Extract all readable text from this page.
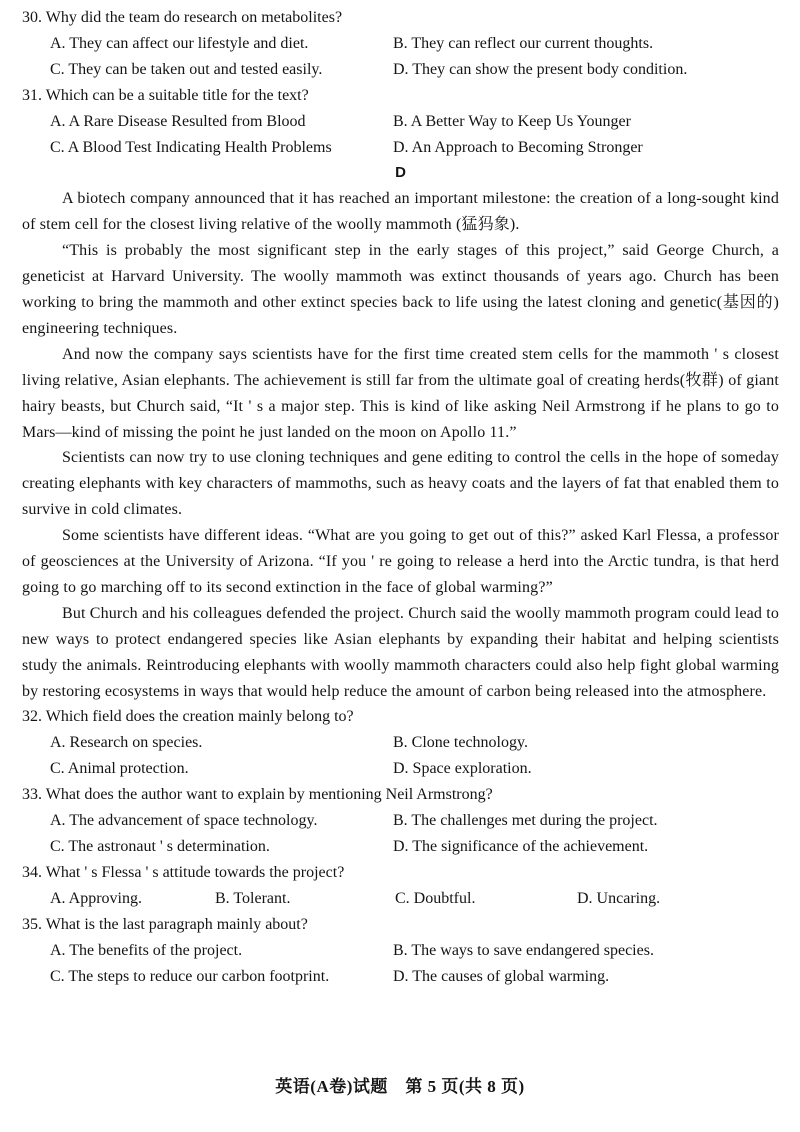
30. Why did the team do research on metabolites?
A. They can affect our lifestyle and diet.	B. They can reflect our current thoughts.
C. They can be taken out and tested easily.	D. They can show the present body condition.
31. Which can be a suitable title for the text?
A. A Rare Disease Resulted from Blood	B. A Better Way to Keep Us Younger
C. A Blood Test Indicating Health Problems	D. An Approach to Becoming Stronger
D

A biotech company announced that it has reached an important milestone: the creation of a long-sought kind of stem cell for the closest living relative of the woolly mammoth (猛犸象).

“This is probably the most significant step in the early stages of this project,” said George Church, a geneticist at Harvard University. The woolly mammoth was extinct thousands of years ago. Church has been working to bring the mammoth and other extinct species back to life using the latest cloning and genetic(基因的) engineering techniques.

And now the company says scientists have for the first time created stem cells for the mammoth ' s closest living relative, Asian elephants. The achievement is still far from the ultimate goal of creating herds(牧群) of giant hairy beasts, but Church said, “It ' s a major step. This is kind of like asking Neil Armstrong if he plans to go to Mars—kind of missing the point he just landed on the moon on Apollo 11.”

Scientists can now try to use cloning techniques and gene editing to control the cells in the hope of someday creating elephants with key characters of mammoths, such as heavy coats and the layers of fat that enabled them to survive in cold climates.

Some scientists have different ideas. “What are you going to get out of this?” asked Karl Flessa, a professor of geosciences at the University of Arizona. “If you ' re going to release a herd into the Arctic tundra, is that herd going to go marching off to its second extinction in the face of global warming?”

But Church and his colleagues defended the project. Church said the woolly mammoth program could lead to new ways to protect endangered species like Asian elephants by expanding their habitat and helping scientists study the animals. Reintroducing elephants with woolly mammoth characters could also help fight global warming by restoring ecosystems in ways that would help reduce the amount of carbon being released into the atmosphere.

32. Which field does the creation mainly belong to?
A. Research on species.	B. Clone technology.
C. Animal protection.	D. Space exploration.
33. What does the author want to explain by mentioning Neil Armstrong?
A. The advancement of space technology.	B. The challenges met during the project.
C. The astronaut ' s determination.	D. The significance of the achievement.
34. What ' s Flessa ' s attitude towards the project?
A. Approving.	B. Tolerant.	C. Doubtful.	D. Uncaring.
35. What is the last paragraph mainly about?
A. The benefits of the project.	B. The ways to save endangered species.
C. The steps to reduce our carbon footprint.	D. The causes of global warming.
英语(A卷)试题　第 5 页(共 8 页)
